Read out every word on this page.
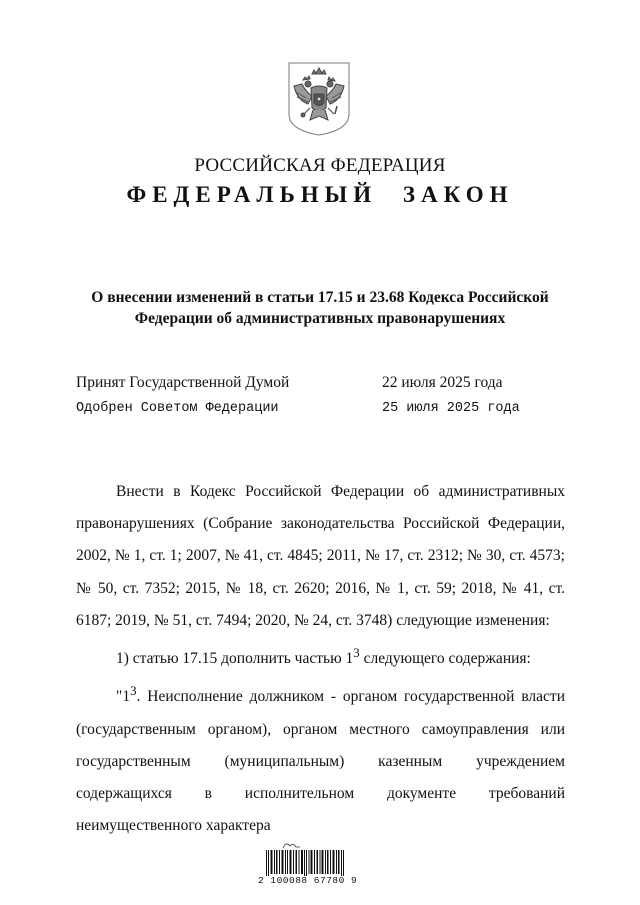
РОССИЙСКАЯ ФЕДЕРАЦИЯ
ФЕДЕРАЛЬНЫЙ ЗАКОН
О внесении изменений в статьи 17.15 и 23.68 Кодекса Российской
Федерации об административных правонарушениях
Принят Государственной Думой	22 июля 2025 года
Одобрен Советом Федерации	25 июля 2025 года

Внести в Кодекс Российской Федерации об административных правонарушениях (Собрание законодательства Российской Федерации, 2002, № 1, ст. 1; 2007, № 41, ст. 4845; 2011, № 17, ст. 2312; № 30, ст. 4573; № 50, ст. 7352; 2015, № 18, ст. 2620; 2016, № 1, ст. 59; 2018, № 41, ст. 6187; 2019, № 51, ст. 7494; 2020, № 24, ст. 3748) следующие изменения:

1) статью 17.15 дополнить частью $1^3$ следующего содержания:

"$1^3$. Неисполнение должником - органом государственной власти (государственным органом), органом местного самоуправления или государственным (муниципальным) казенным учреждением содержащихся в исполнительном документе требований неимущественного характера

2 100088 67780 9
